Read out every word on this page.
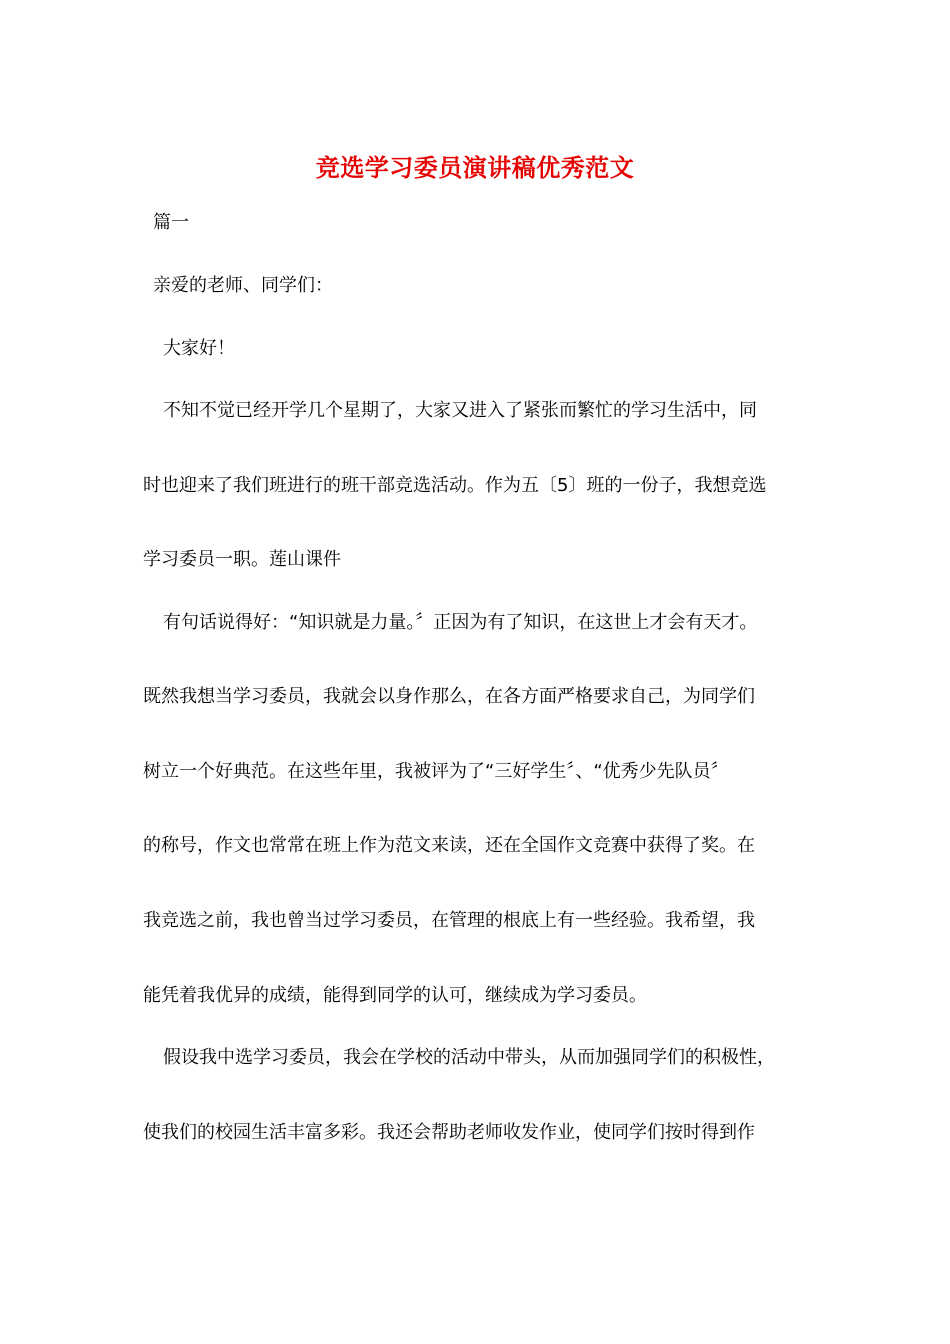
竞选学习委员演讲稿优秀范文
篇一
亲爱的老师、同学们：
大家好！
不知不觉已经开学几个星期了，大家又进入了紧张而繁忙的学习生活中，同
时也迎来了我们班进行的班干部竞选活动。作为五〔5〕班的一份子，我想竞选
学习委员一职。莲山课件
有句话说得好：“知识就是力量。〞正因为有了知识，在这世上才会有天才。
既然我想当学习委员，我就会以身作那么，在各方面严格要求自己，为同学们
树立一个好典范。在这些年里，我被评为了“三好学生〞、“优秀少先队员〞
的称号，作文也常常在班上作为范文来读，还在全国作文竞赛中获得了奖。在
我竞选之前，我也曾当过学习委员，在管理的根底上有一些经验。我希望，我
能凭着我优异的成绩，能得到同学的认可，继续成为学习委员。
假设我中选学习委员，我会在学校的活动中带头，从而加强同学们的积极性，
使我们的校园生活丰富多彩。我还会帮助老师收发作业，使同学们按时得到作
